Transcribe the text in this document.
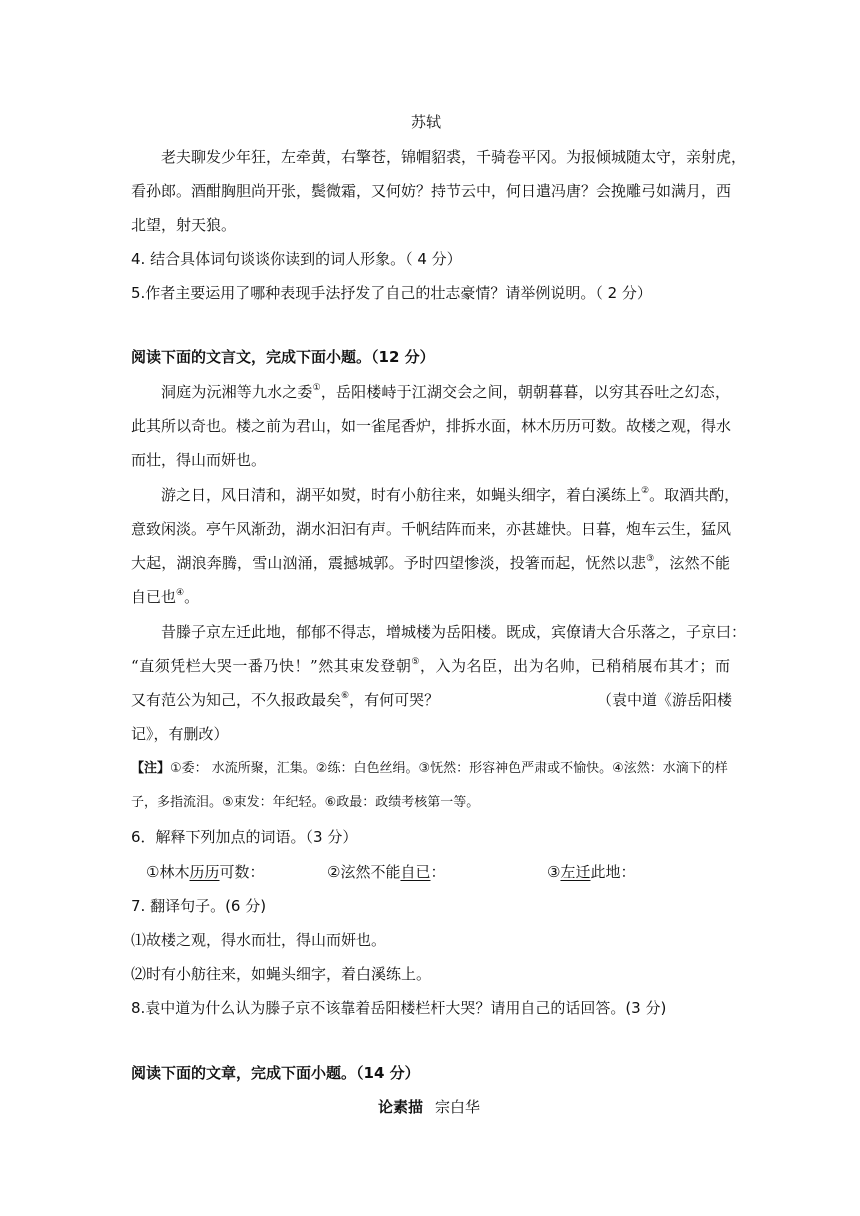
苏轼
老夫聊发少年狂，左牵黄，右擎苍，锦帽貂裘，千骑卷平冈。为报倾城随太守，亲射虎，
看孙郎。酒酣胸胆尚开张，鬓微霜，又何妨？持节云中，何日遣冯唐？会挽雕弓如满月，西
北望，射天狼。
4. 结合具体词句谈谈你读到的词人形象。（ 4 分）
5.作者主要运用了哪种表现手法抒发了自己的壮志豪情？请举例说明。（ 2 分）
阅读下面的文言文，完成下面小题。（12 分）
洞庭为沅湘等九水之委①，岳阳楼峙于江湖交会之间，朝朝暮暮，以穷其吞吐之幻态，
此其所以奇也。楼之前为君山，如一雀尾香炉，排拆水面，林木历历可数。故楼之观，得水
而壮，得山而妍也。
游之日，风日清和，湖平如熨，时有小舫往来，如蝇头细字，着白溪练上②。取酒共酌，
意致闲淡。亭午风渐劲，湖水汩汩有声。千帆结阵而来，亦甚雄快。日暮，炮车云生，猛风
大起，湖浪奔腾，雪山汹涌，震撼城郭。予时四望惨淡，投箸而起，怃然以悲③，泫然不能
自已也④。
昔滕子京左迁此地，郁郁不得志，增城楼为岳阳楼。既成，宾僚请大合乐落之，子京曰：
“直须凭栏大哭一番乃快！”然其束发登朝⑤，入为名臣，出为名帅，已稍稍展布其才；而
又有范公为知己，不久报政最矣⑥，有何可哭？	（袁中道《游岳阳楼
记》，有删改）
【注】①委： 水流所聚，汇集。②练：白色丝绢。③怃然：形容神色严肃或不愉快。④泫然：水滴下的样
子，多指流泪。⑤束发：年纪轻。⑥政最：政绩考核第一等。
6．解释下列加点的词语。（3 分）
①林木历历可数：	②泫然不能自已：	③左迁此地：
7. 翻译句子。(6 分)
⑴故楼之观，得水而壮，得山而妍也。
⑵时有小舫往来，如蝇头细字，着白溪练上。
8.袁中道为什么认为滕子京不该靠着岳阳楼栏杆大哭？请用自己的话回答。(3 分)
阅读下面的文章，完成下面小题。（14 分）
论素描 宗白华
